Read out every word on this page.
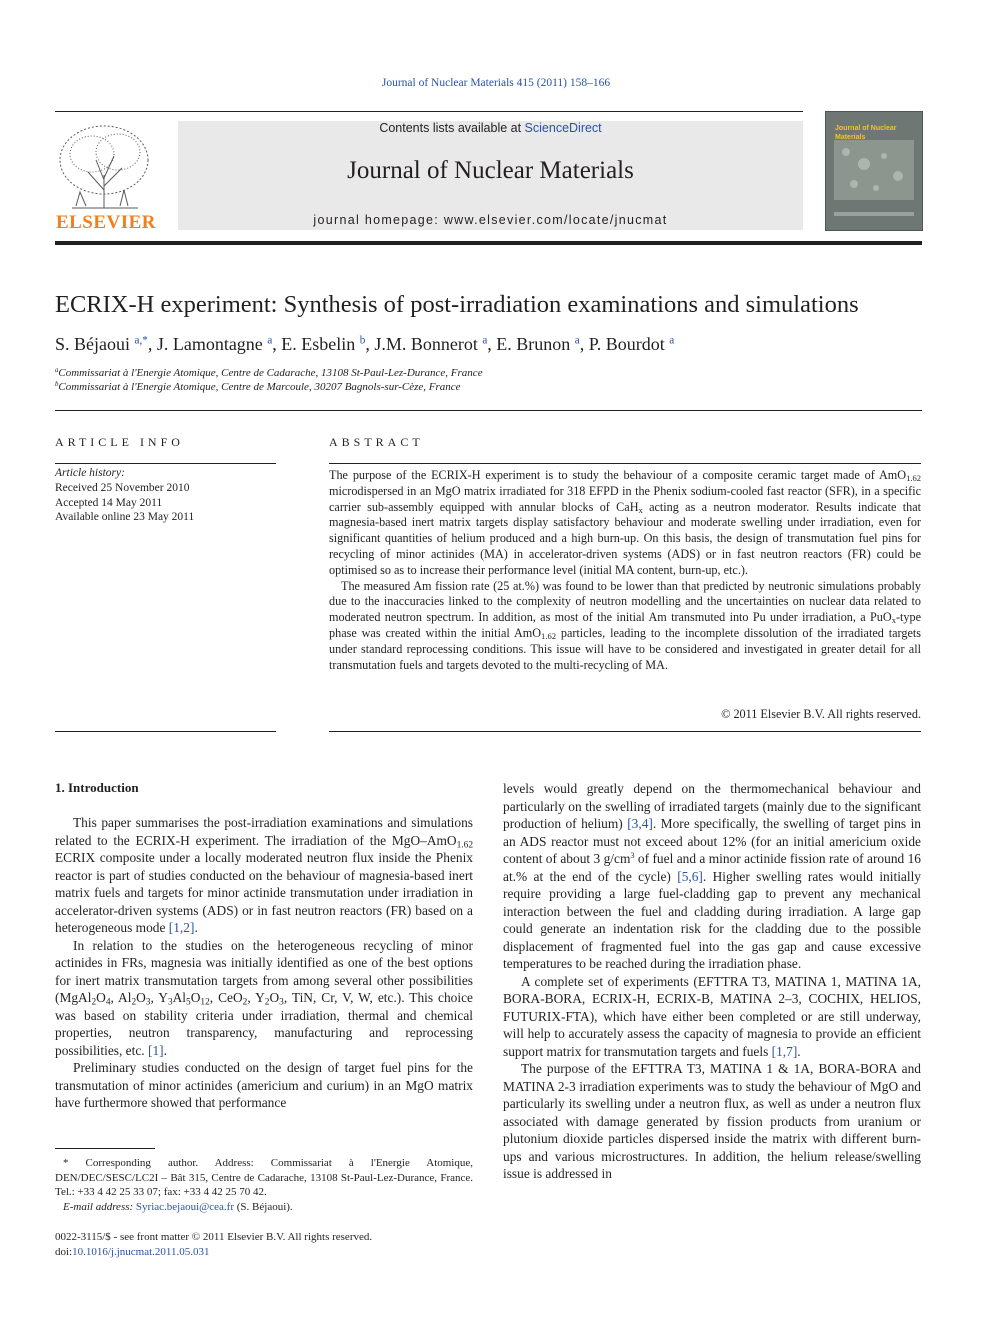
Journal of Nuclear Materials 415 (2011) 158–166
ELSEVIER
Contents lists available at ScienceDirect
Journal of Nuclear Materials
journal homepage: www.elsevier.com/locate/jnucmat
Journal of Nuclear Materials
ECRIX-H experiment: Synthesis of post-irradiation examinations and simulations
S. Béjaoui $^{a,*}$, J. Lamontagne $^a$, E. Esbelin $^b$, J.M. Bonnerot $^a$, E. Brunon $^a$, P. Bourdot $^a$
$^a$Commissariat à l'Energie Atomique, Centre de Cadarache, 13108 St-Paul-Lez-Durance, France
$^b$Commissariat à l'Energie Atomique, Centre de Marcoule, 30207 Bagnols-sur-Cèze, France
ARTICLE INFO
Article history:
Received 25 November 2010
Accepted 14 May 2011
Available online 23 May 2011
ABSTRACT

The purpose of the ECRIX-H experiment is to study the behaviour of a composite ceramic target made of AmO$_{1.62}$ microdispersed in an MgO matrix irradiated for 318 EFPD in the Phenix sodium-cooled fast reactor (SFR), in a specific carrier sub-assembly equipped with annular blocks of CaH$_x$ acting as a neutron moderator. Results indicate that magnesia-based inert matrix targets display satisfactory behaviour and moderate swelling under irradiation, even for significant quantities of helium produced and a high burn-up. On this basis, the design of transmutation fuel pins for recycling of minor actinides (MA) in accelerator-driven systems (ADS) or in fast neutron reactors (FR) could be optimised so as to increase their performance level (initial MA content, burn-up, etc.).

The measured Am fission rate (25 at.%) was found to be lower than that predicted by neutronic simulations probably due to the inaccuracies linked to the complexity of neutron modelling and the uncertainties on nuclear data related to moderated neutron spectrum. In addition, as most of the initial Am transmuted into Pu under irradiation, a PuO$_x$-type phase was created within the initial AmO$_{1.62}$ particles, leading to the incomplete dissolution of the irradiated targets under standard reprocessing conditions. This issue will have to be considered and investigated in greater detail for all transmutation fuels and targets devoted to the multi-recycling of MA.

© 2011 Elsevier B.V. All rights reserved.
1. Introduction

This paper summarises the post-irradiation examinations and simulations related to the ECRIX-H experiment. The irradiation of the MgO–AmO$_{1.62}$ ECRIX composite under a locally moderated neutron flux inside the Phenix reactor is part of studies conducted on the behaviour of magnesia-based inert matrix fuels and targets for minor actinide transmutation under irradiation in accelerator-driven systems (ADS) or in fast neutron reactors (FR) based on a heterogeneous mode [1,2].

In relation to the studies on the heterogeneous recycling of minor actinides in FRs, magnesia was initially identified as one of the best options for inert matrix transmutation targets from among several other possibilities ($MgAl_2O_4$, $Al_2O_3$, $Y_3Al_5O_{12}$, CeO$_2$, $Y_2O_3$, TiN, Cr, V, W, etc.). This choice was based on stability criteria under irradiation, thermal and chemical properties, neutron transparency, manufacturing and reprocessing possibilities, etc. [1].

Preliminary studies conducted on the design of target fuel pins for the transmutation of minor actinides (americium and curium) in an MgO matrix have furthermore showed that performance

levels would greatly depend on the thermomechanical behaviour and particularly on the swelling of irradiated targets (mainly due to the significant production of helium) [3,4]. More specifically, the swelling of target pins in an ADS reactor must not exceed about 12% (for an initial americium oxide content of about 3 $g/cm^3$ of fuel and a minor actinide fission rate of around 16 at.% at the end of the cycle) [5,6]. Higher swelling rates would initially require providing a large fuel-cladding gap to prevent any mechanical interaction between the fuel and cladding during irradiation. A large gap could generate an indentation risk for the cladding due to the possible displacement of fragmented fuel into the gas gap and cause excessive temperatures to be reached during the irradiation phase.

A complete set of experiments (EFTTRA T3, MATINA 1, MATINA 1A, BORA-BORA, ECRIX-H, ECRIX-B, MATINA 2–3, COCHIX, HELIOS, FUTURIX-FTA), which have either been completed or are still underway, will help to accurately assess the capacity of magnesia to provide an efficient support matrix for transmutation targets and fuels [1,7].

The purpose of the EFTTRA T3, MATINA 1 & 1A, BORA-BORA and MATINA 2-3 irradiation experiments was to study the behaviour of MgO and particularly its swelling under a neutron flux, as well as under a neutron flux associated with damage generated by fission products from uranium or plutonium dioxide particles dispersed inside the matrix with different burn-ups and various microstructures. In addition, the helium release/swelling issue is addressed in

* Corresponding author. Address: Commissariat à l'Energie Atomique, DEN/DEC/SESC/LC2I – Bât 315, Centre de Cadarache, 13108 St-Paul-Lez-Durance, France. Tel.: +33 4 42 25 33 07; fax: +33 4 42 25 70 42.

E-mail address: Syriac.bejaoui@cea.fr (S. Béjaoui).

0022-3115/$ - see front matter © 2011 Elsevier B.V. All rights reserved.
doi:10.1016/j.jnucmat.2011.05.031
